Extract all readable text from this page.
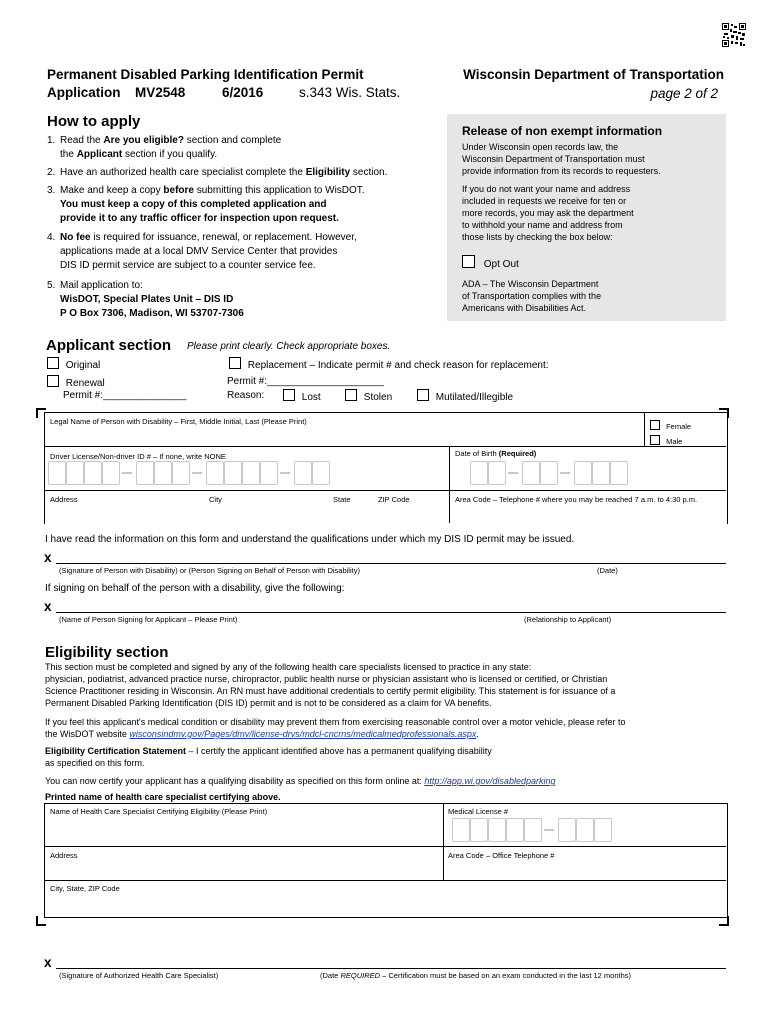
Permanent Disabled Parking Identification Permit
Application MV2548	6/2016	s.343 Wis. Stats.
Wisconsin Department of Transportation
page 2 of 2
How to apply
1. Read the Are you eligible? section and complete
the Applicant section if you qualify.
2. Have an authorized health care specialist complete the Eligibility section.
3. Make and keep a copy before submitting this application to WisDOT.
You must keep a copy of this completed application and
provide it to any traffic officer for inspection upon request.
4. No fee is required for issuance, renewal, or replacement. However,
applications made at a local DMV Service Center that provides
DIS ID permit service are subject to a counter service fee.
5. Mail application to:
WisDOT, Special Plates Unit – DIS ID
P O Box 7306, Madison, WI 53707-7306
Release of non exempt information
Under Wisconsin open records law, the
Wisconsin Department of Transportation must
provide information from its records to requesters.
If you do not want your name and address
included in requests we receive for ten or
more records, you may ask the department
to withhold your name and address from
those lists by checking the box below:
Opt Out
ADA – The Wisconsin Department
of Transportation complies with the
Americans with Disabilities Act.
Applicant section Please print clearly. Check appropriate boxes.
Original
Renewal
Permit #:_______________
Replacement – Indicate permit # and check reason for replacement:
Permit #:_____________________
Reason:	Lost	Stolen	Mutilated/Illegible
Legal Name of Person with Disability – First, Middle Initial, Last (Please Print)
Female
Male
Driver License/Non-driver ID # – If none, write NONE	Date of Birth (Required)
Address	City	State	ZIP Code	Area Code – Telephone # where you may be reached 7 a.m. to 4:30 p.m.
I have read the information on this form and understand the qualifications under which my DIS ID permit may be issued.
x
(Signature of Person with Disability) or (Person Signing on Behalf of Person with Disability)	(Date)
If signing on behalf of the person with a disability, give the following:
x
(Name of Person Signing for Applicant – Please Print)	(Relationship to Applicant)
Eligibility section
This section must be completed and signed by any of the following health care specialists licensed to practice in any state:
physician, podiatrist, advanced practice nurse, chiropractor, public health nurse or physician assistant who is licensed or certified, or Christian
Science Practitioner residing in Wisconsin. An RN must have additional credentials to certify permit eligibility. This statement is for issuance of a
Permanent Disabled Parking Identification (DIS ID) permit and is not to be considered as a claim for VA benefits.
If you feel this applicant's medical condition or disability may prevent them from exercising reasonable control over a motor vehicle, please refer to
the WisDOT website wisconsindmv.gov/Pages/dmv/license-drvs/mdcl-cncrns/medicalmedprofessionals.aspx.
Eligibility Certification Statement – I certify the applicant identified above has a permanent qualifying disability
as specified on this form.
You can now certify your applicant has a qualifying disability as specified on this form online at: http://app.wi.gov/disabledparking
Printed name of health care specialist certifying above.
Name of Health Care Specialist Certifying Eligibility (Please Print)	Medical License #
Address	Area Code – Office Telephone #
City, State, ZIP Code
x
(Signature of Authorized Health Care Specialist)	(Date REQUIRED – Certification must be based on an exam conducted in the last 12 months)
